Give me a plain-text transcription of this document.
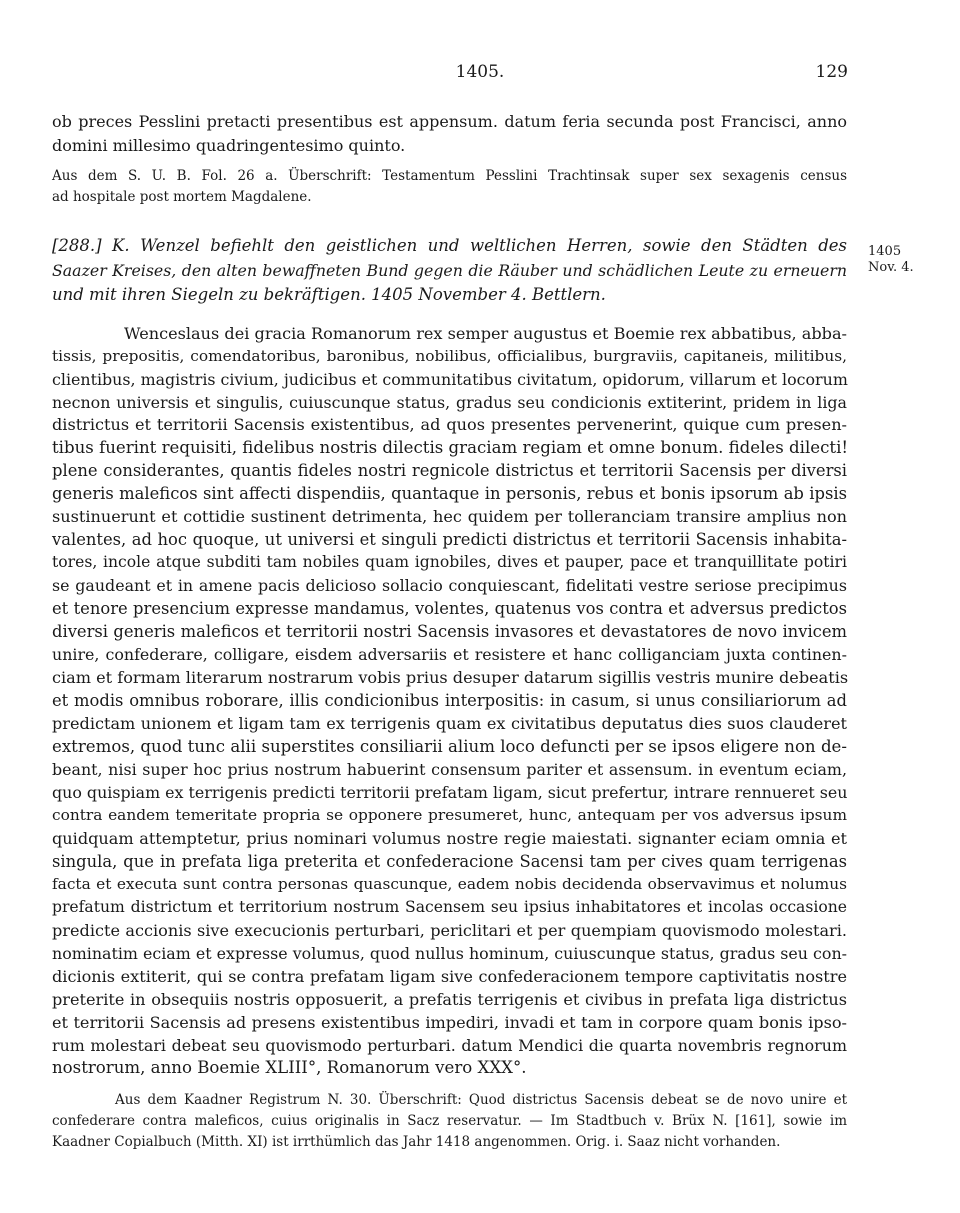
1405.	129
ob preces Pesslini pretacti presentibus est appensum. datum feria secunda post Francisci, anno
domini millesimo quadringentesimo quinto.
Aus dem S. U. B. Fol. 26 a. Überschrift: Testamentum Pesslini Trachtinsak super sex sexagenis census
ad hospitale post mortem Magdalene.
[288.] K. Wenzel befiehlt den geistlichen und weltlichen Herren, sowie den Städten des
Saazer Kreises, den alten bewaffneten Bund gegen die Räuber und schädlichen Leute zu erneuern
und mit ihren Siegeln zu bekräftigen. 1405 November 4. Bettlern.
1405
Nov. 4.
Wenceslaus dei gracia Romanorum rex semper augustus et Boemie rex abbatibus, abba-
tissis, prepositis, comendatoribus, baronibus, nobilibus, officialibus, burgraviis, capitaneis, militibus,
clientibus, magistris civium, judicibus et communitatibus civitatum, opidorum, villarum et locorum
necnon universis et singulis, cuiuscunque status, gradus seu condicionis extiterint, pridem in liga
districtus et territorii Sacensis existentibus, ad quos presentes pervenerint, quique cum presen-
tibus fuerint requisiti, fidelibus nostris dilectis graciam regiam et omne bonum. fideles dilecti!
plene considerantes, quantis fideles nostri regnicole districtus et territorii Sacensis per diversi
generis maleficos sint affecti dispendiis, quantaque in personis, rebus et bonis ipsorum ab ipsis
sustinuerunt et cottidie sustinent detrimenta, hec quidem per tolleranciam transire amplius non
valentes, ad hoc quoque, ut universi et singuli predicti districtus et territorii Sacensis inhabita-
tores, incole atque subditi tam nobiles quam ignobiles, dives et pauper, pace et tranquillitate potiri
se gaudeant et in amene pacis delicioso sollacio conquiescant, fidelitati vestre seriose precipimus
et tenore presencium expresse mandamus, volentes, quatenus vos contra et adversus predictos
diversi generis maleficos et territorii nostri Sacensis invasores et devastatores de novo invicem
unire, confederare, colligare, eisdem adversariis et resistere et hanc colliganciam juxta continen-
ciam et formam literarum nostrarum vobis prius desuper datarum sigillis vestris munire debeatis
et modis omnibus roborare, illis condicionibus interpositis: in casum, si unus consiliariorum ad
predictam unionem et ligam tam ex terrigenis quam ex civitatibus deputatus dies suos clauderet
extremos, quod tunc alii superstites consiliarii alium loco defuncti per se ipsos eligere non de-
beant, nisi super hoc prius nostrum habuerint consensum pariter et assensum. in eventum eciam,
quo quispiam ex terrigenis predicti territorii prefatam ligam, sicut prefertur, intrare rennueret seu
contra eandem temeritate propria se opponere presumeret, hunc, antequam per vos adversus ipsum
quidquam attemptetur, prius nominari volumus nostre regie maiestati. signanter eciam omnia et
singula, que in prefata liga preterita et confederacione Sacensi tam per cives quam terrigenas
facta et executa sunt contra personas quascunque, eadem nobis decidenda observavimus et nolumus
prefatum districtum et territorium nostrum Sacensem seu ipsius inhabitatores et incolas occasione
predicte accionis sive execucionis perturbari, periclitari et per quempiam quovismodo molestari.
nominatim eciam et expresse volumus, quod nullus hominum, cuiuscunque status, gradus seu con-
dicionis extiterit, qui se contra prefatam ligam sive confederacionem tempore captivitatis nostre
preterite in obsequiis nostris opposuerit, a prefatis terrigenis et civibus in prefata liga districtus
et territorii Sacensis ad presens existentibus impediri, invadi et tam in corpore quam bonis ipso-
rum molestari debeat seu quovismodo perturbari. datum Mendici die quarta novembris regnorum
nostrorum, anno Boemie XLIII°, Romanorum vero XXX°.
Aus dem Kaadner Registrum N. 30. Überschrift: Quod districtus Sacensis debeat se de novo unire et
confederare contra maleficos, cuius originalis in Sacz reservatur. — Im Stadtbuch v. Brüx N. [161], sowie im
Kaadner Copialbuch (Mitth. XI) ist irrthümlich das Jahr 1418 angenommen. Orig. i. Saaz nicht vorhanden.
